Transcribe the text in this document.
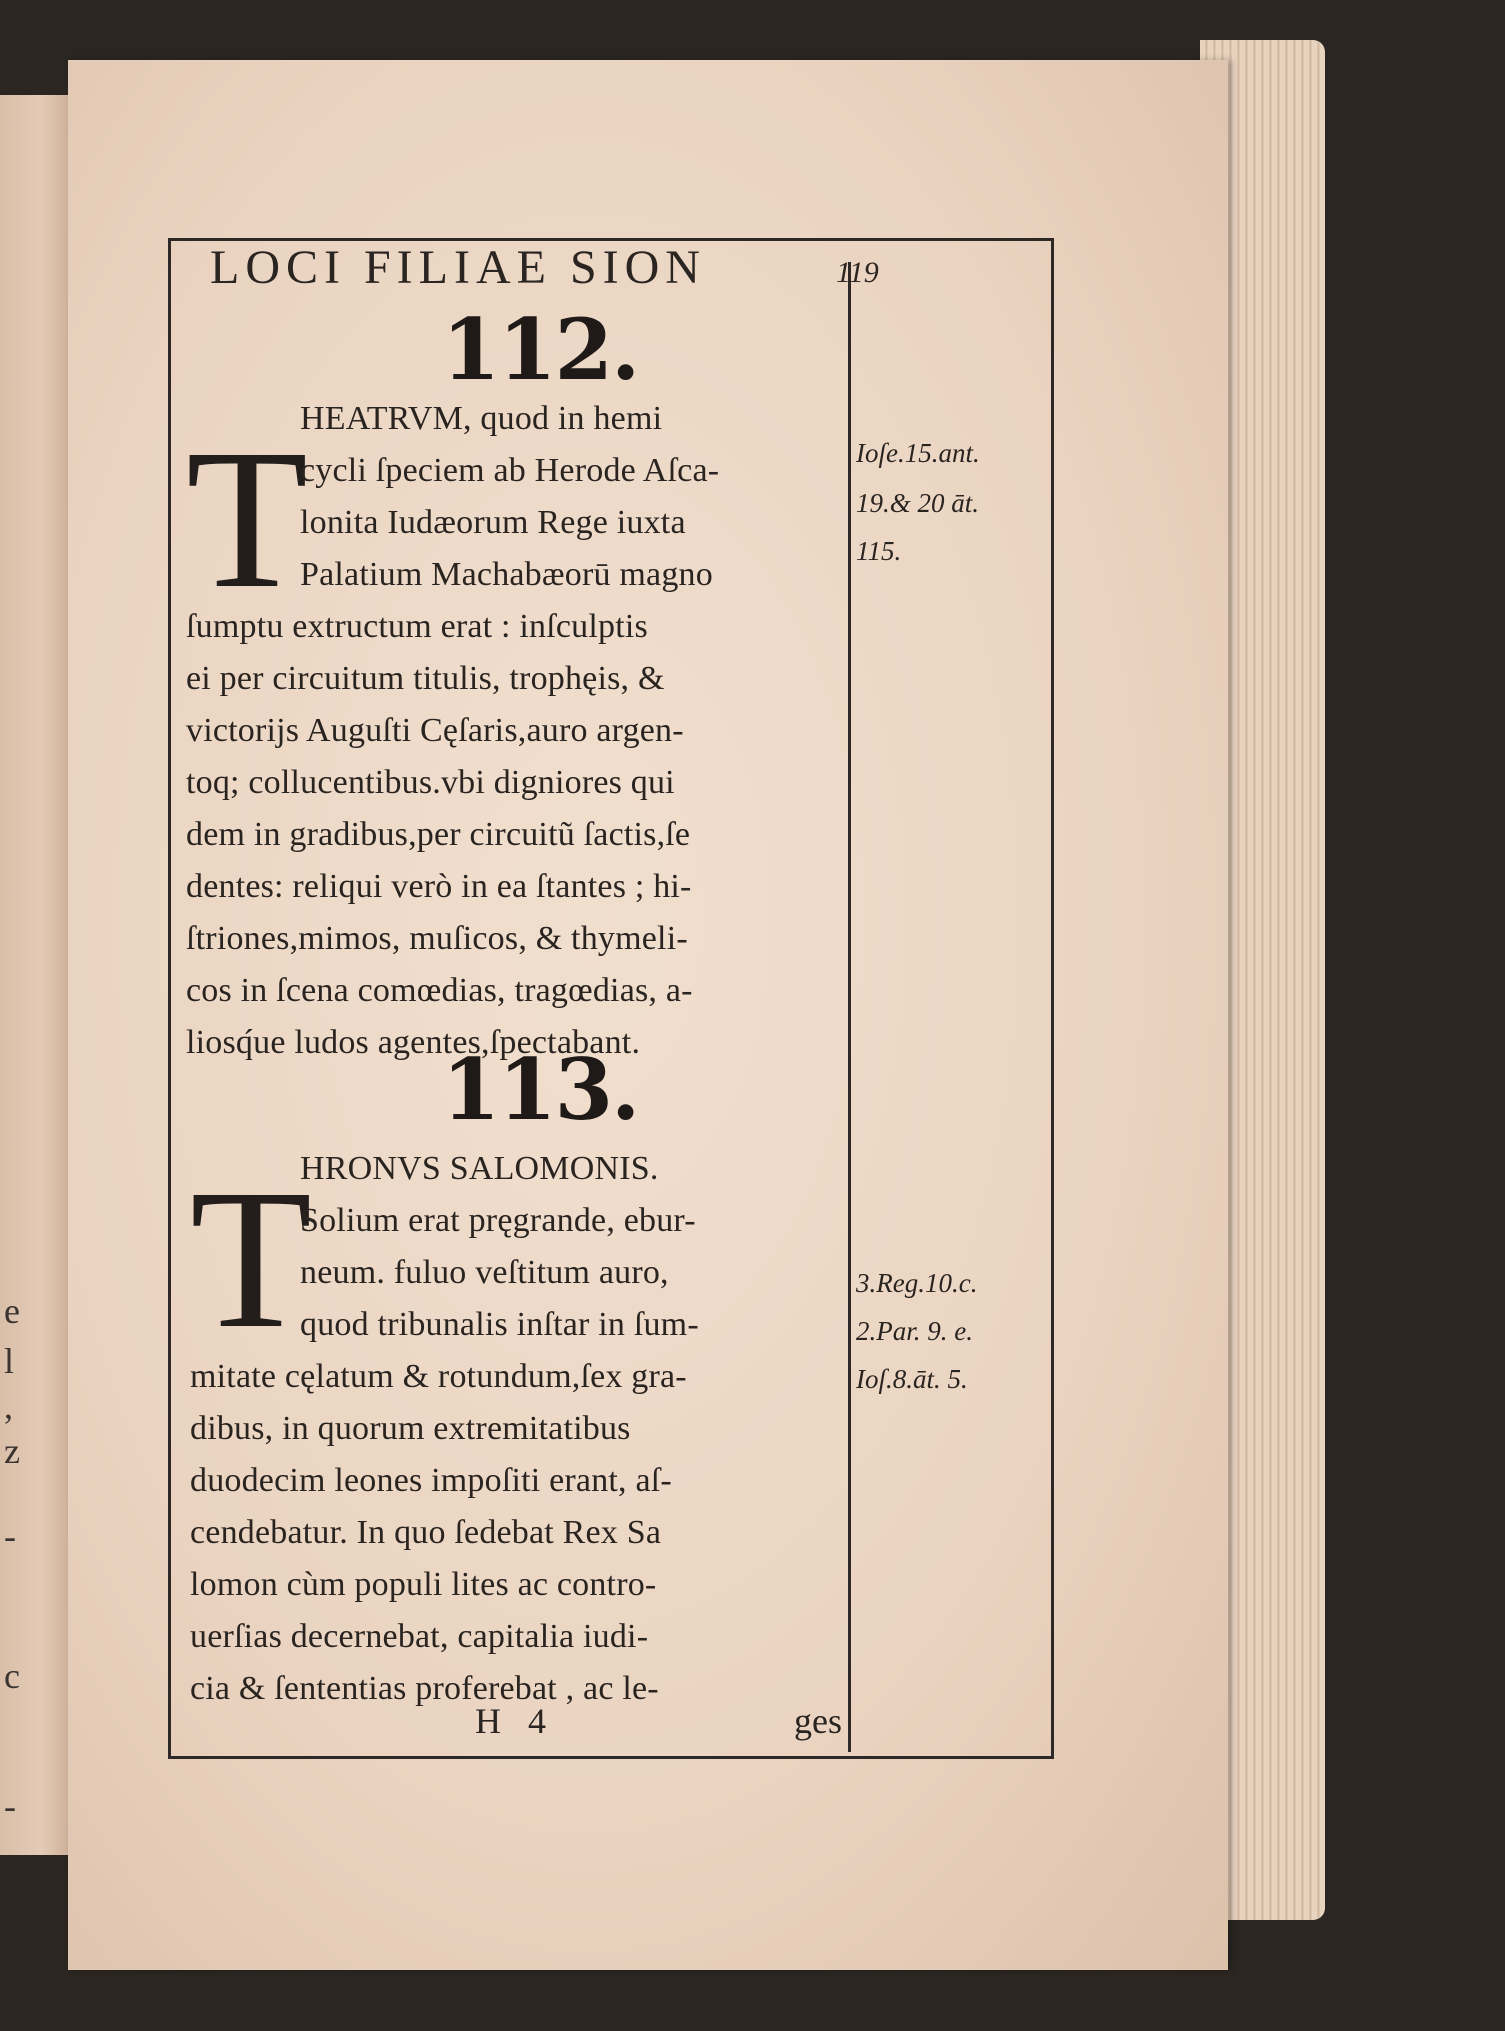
e
l
,
z
-
c
-
LOCI FILIAE SION	119
112.
T
HEATRVM, quod in hemi
cycli ſpeciem ab Herode Aſca-
lonita Iudæorum Rege iuxta
Palatium Machabæorū magno
ſumptu extructum erat : inſculptis
ei per circuitum titulis, trophęis, &
victorijs Auguſti Cęſaris,auro argen-
toq; collucentibus.vbi digniores qui
dem in gradibus,per circuitũ ſactis,ſe
dentes: reliqui verò in ea ſtantes ; hi-
ſtriones,mimos, muſicos, & thymeli-
cos in ſcena comœdias, tragœdias, a-
liosq́ue ludos agentes,ſpectabant.
Ioſe.15.ant.
19.& 20 āt.
115.
113.
T
HRONVS SALOMONIS.
Solium erat pręgrande, ebur-
neum. fuluo veſtitum auro,
quod tribunalis inſtar in ſum-
mitate cęlatum & rotundum,ſex gra-
dibus, in quorum extremitatibus
duodecim leones impoſiti erant, aſ-
cendebatur. In quo ſedebat Rex Sa
lomon cùm populi lites ac contro-
uerſias decernebat, capitalia iudi-
cia & ſententias proferebat , ac le-
3.Reg.10.c.
2.Par. 9. e.
Ioſ.8.āt. 5.
H   4	ges
